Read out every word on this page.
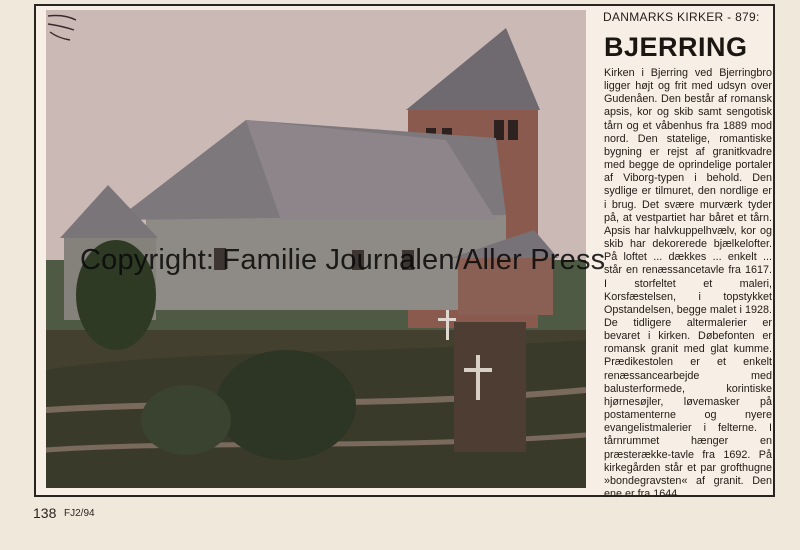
DANMARKS KIRKER - 879:
BJERRING
Kirken i Bjerring ved Bjerringbro ligger højt og frit med udsyn over Gudenåen. Den består af romansk apsis, kor og skib samt sengotisk tårn og et våbenhus fra 1889 mod nord. Den statelige, romantiske bygning er rejst af granitkvadre med begge de oprindelige portaler af Viborg-typen i behold. Den sydlige er tilmuret, den nordlige er i brug. Det svære murværk tyder på, at vestpartiet har båret et tårn. Apsis har halvkuppelhvælv, kor og skib har dekorerede bjælkelofter. På loftet ... dækkes ... enkelt ... står en renæssancetavle fra 1617. I storfeltet et maleri, Korsfæstelsen, i topstykket Opstandelsen, begge malet i 1928. De tidligere altermalerier er bevaret i kirken. Døbefonten er romansk granit med glat kumme. Prædikestolen er et enkelt renæssancearbejde med balusterformede, korintiske hjørnesøjler, løvemasker på postamenterne og nyere evangelistmalerier i felterne. I tårnrummet hænger en præsterække-tavle fra 1692. På kirkegården står et par grofthugne »bondegravsten« af granit. Den ene er fra 1644.
Copyright: Familie Journalen/Aller Press
138 FJ2/94
